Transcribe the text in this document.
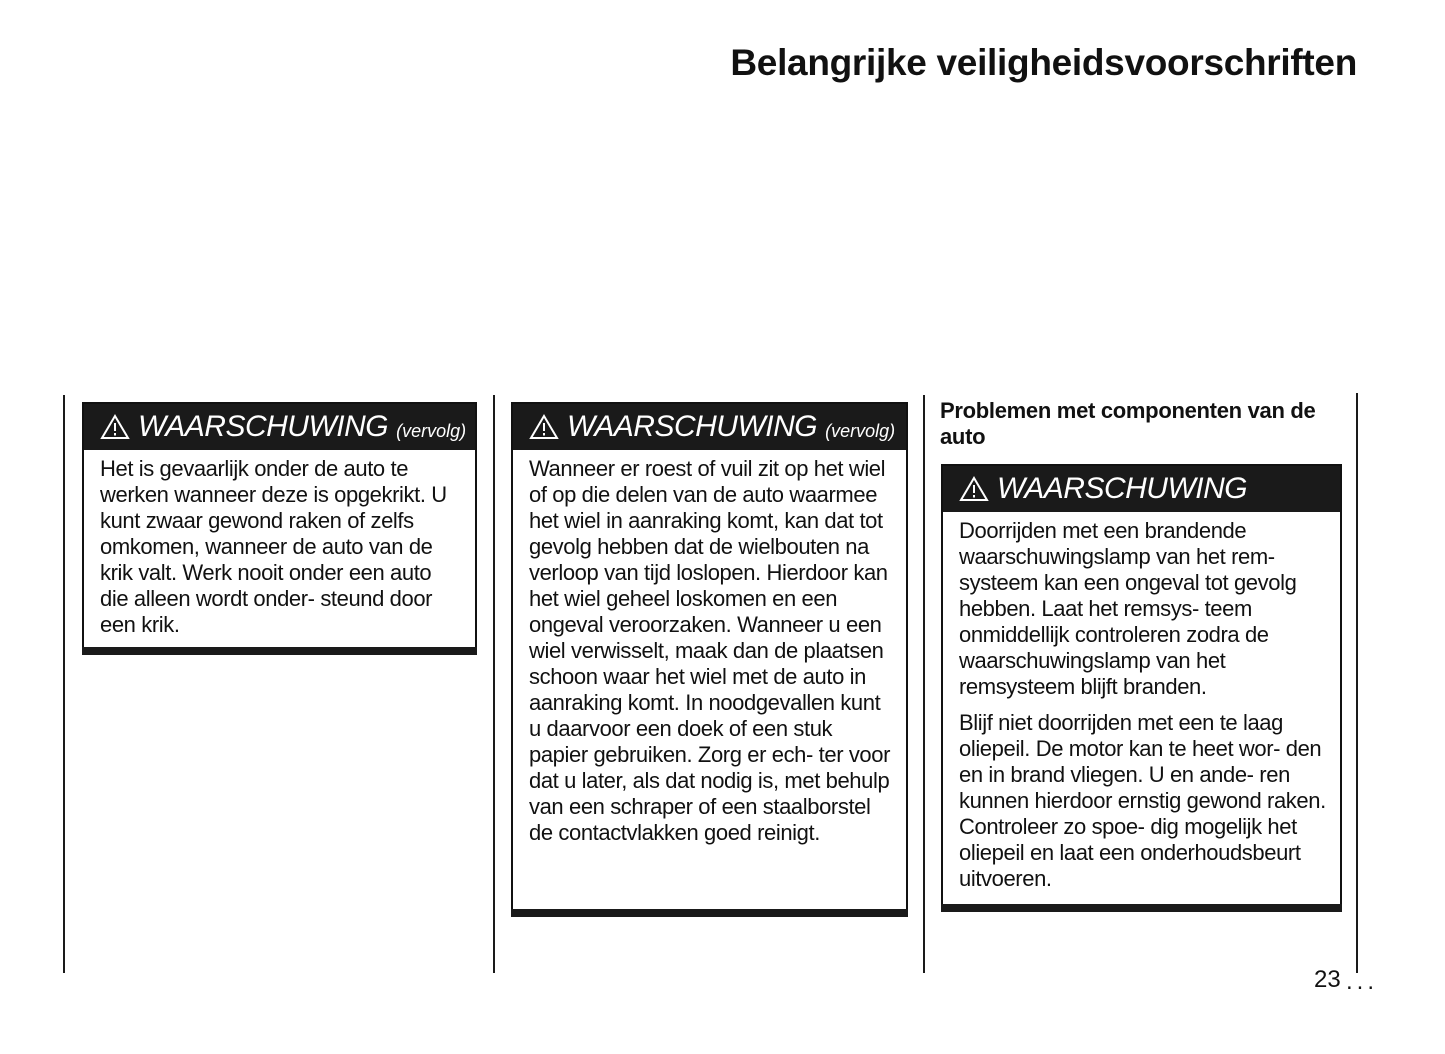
Belangrijke veiligheidsvoorschriften
WAARSCHUWING (vervolg)

Het is gevaarlijk onder de auto te werken wanneer deze is opgekrikt. U kunt zwaar gewond raken of zelfs omkomen, wanneer de auto van de krik valt. Werk nooit onder een auto die alleen wordt onder- steund door een krik.

WAARSCHUWING (vervolg)

Wanneer er roest of vuil zit op het wiel of op die delen van de auto waarmee het wiel in aanraking komt, kan dat tot gevolg hebben dat de wielbouten na verloop van tijd loslopen. Hierdoor kan het wiel geheel loskomen en een ongeval veroorzaken. Wanneer u een wiel verwisselt, maak dan de plaatsen schoon waar het wiel met de auto in aanraking komt. In noodgevallen kunt u daarvoor een doek of een stuk papier gebruiken. Zorg er ech- ter voor dat u later, als dat nodig is, met behulp van een schraper of een staalborstel de contactvlakken goed reinigt.

Problemen met componenten van de auto
WAARSCHUWING

Doorrijden met een brandende waarschuwingslamp van het rem- systeem kan een ongeval tot gevolg hebben. Laat het remsys- teem onmiddellijk controleren zodra de waarschuwingslamp van het remsysteem blijft branden.

Blijf niet doorrijden met een te laag oliepeil. De motor kan te heet wor- den en in brand vliegen. U en ande- ren kunnen hierdoor ernstig gewond raken. Controleer zo spoe- dig mogelijk het oliepeil en laat een onderhoudsbeurt uitvoeren.

23 ...
